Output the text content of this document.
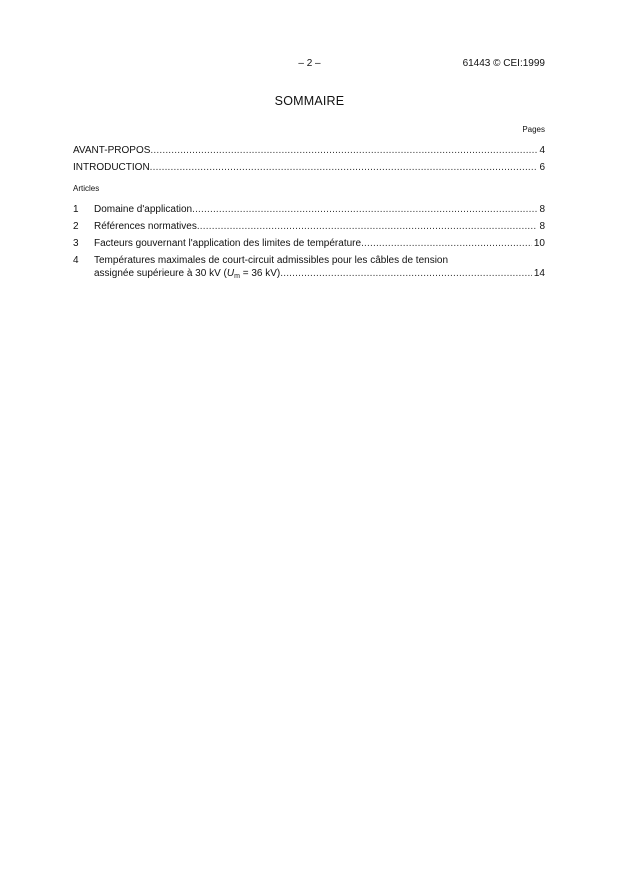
– 2 –	61443 © CEI:1999
SOMMAIRE
Pages
AVANT-PROPOS .....	4
INTRODUCTION .....	6
Articles
1	Domaine d'application .....	8
2	Références normatives .....	8
3	Facteurs gouvernant l'application des limites de température .....	10
4 Températures maximales de court-circuit admissibles pour les câbles de tension
assignée supérieure à 30 kV ($U_m = 36$ kV) .....	14
